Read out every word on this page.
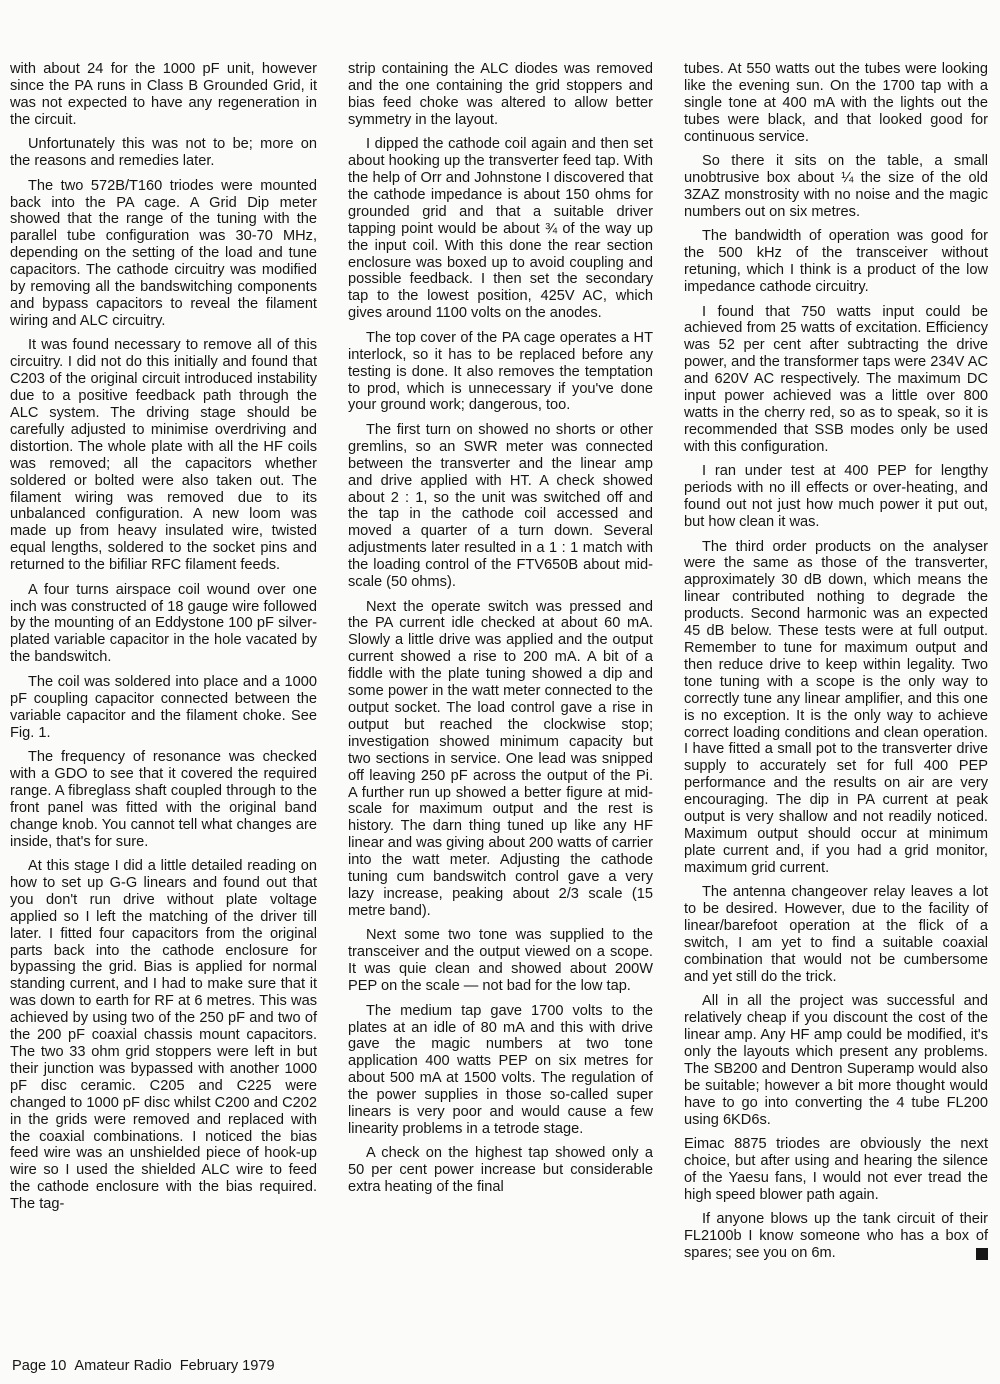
with about 24 for the 1000 pF unit, however since the PA runs in Class B Grounded Grid, it was not expected to have any regeneration in the circuit.

Unfortunately this was not to be; more on the reasons and remedies later.

The two 572B/T160 triodes were mounted back into the PA cage. A Grid Dip meter showed that the range of the tuning with the parallel tube configuration was 30-70 MHz, depending on the setting of the load and tune capacitors. The cathode circuitry was modified by removing all the bandswitching components and bypass capacitors to reveal the filament wiring and ALC circuitry.

It was found necessary to remove all of this circuitry. I did not do this initially and found that C203 of the original circuit introduced instability due to a positive feedback path through the ALC system. The driving stage should be carefully adjusted to minimise overdriving and distortion. The whole plate with all the HF coils was removed; all the capacitors whether soldered or bolted were also taken out. The filament wiring was removed due to its unbalanced configuration. A new loom was made up from heavy insulated wire, twisted equal lengths, soldered to the socket pins and returned to the bifiliar RFC filament feeds.

A four turns airspace coil wound over one inch was constructed of 18 gauge wire followed by the mounting of an Eddystone 100 pF silver-plated variable capacitor in the hole vacated by the bandswitch.

The coil was soldered into place and a 1000 pF coupling capacitor connected between the variable capacitor and the filament choke. See Fig. 1.

The frequency of resonance was checked with a GDO to see that it covered the required range. A fibreglass shaft coupled through to the front panel was fitted with the original band change knob. You cannot tell what changes are inside, that's for sure.

At this stage I did a little detailed reading on how to set up G-G linears and found out that you don't run drive without plate voltage applied so I left the matching of the driver till later. I fitted four capacitors from the original parts back into the cathode enclosure for bypassing the grid. Bias is applied for normal standing current, and I had to make sure that it was down to earth for RF at 6 metres. This was achieved by using two of the 250 pF and two of the 200 pF coaxial chassis mount capacitors. The two 33 ohm grid stoppers were left in but their junction was bypassed with another 1000 pF disc ceramic. C205 and C225 were changed to 1000 pF disc whilst C200 and C202 in the grids were removed and replaced with the coaxial combinations. I noticed the bias feed wire was an unshielded piece of hook-up wire so I used the shielded ALC wire to feed the cathode enclosure with the bias required. The tag-

strip containing the ALC diodes was removed and the one containing the grid stoppers and bias feed choke was altered to allow better symmetry in the layout.

I dipped the cathode coil again and then set about hooking up the transverter feed tap. With the help of Orr and Johnstone I discovered that the cathode impedance is about 150 ohms for grounded grid and that a suitable driver tapping point would be about ¾ of the way up the input coil. With this done the rear section enclosure was boxed up to avoid coupling and possible feedback. I then set the secondary tap to the lowest position, 425V AC, which gives around 1100 volts on the anodes.

The top cover of the PA cage operates a HT interlock, so it has to be replaced before any testing is done. It also removes the temptation to prod, which is unnecessary if you've done your ground work; dangerous, too.

The first turn on showed no shorts or other gremlins, so an SWR meter was connected between the transverter and the linear amp and drive applied with HT. A check showed about 2 : 1, so the unit was switched off and the tap in the cathode coil accessed and moved a quarter of a turn down. Several adjustments later resulted in a 1 : 1 match with the loading control of the FTV650B about mid-scale (50 ohms).

Next the operate switch was pressed and the PA current idle checked at about 60 mA. Slowly a little drive was applied and the output current showed a rise to 200 mA. A bit of a fiddle with the plate tuning showed a dip and some power in the watt meter connected to the output socket. The load control gave a rise in output but reached the clockwise stop; investigation showed minimum capacity but two sections in service. One lead was snipped off leaving 250 pF across the output of the Pi. A further run up showed a better figure at mid-scale for maximum output and the rest is history. The darn thing tuned up like any HF linear and was giving about 200 watts of carrier into the watt meter. Adjusting the cathode tuning cum bandswitch control gave a very lazy increase, peaking about 2/3 scale (15 metre band).

Next some two tone was supplied to the transceiver and the output viewed on a scope. It was quie clean and showed about 200W PEP on the scale — not bad for the low tap.

The medium tap gave 1700 volts to the plates at an idle of 80 mA and this with drive gave the magic numbers at two tone application 400 watts PEP on six metres for about 500 mA at 1500 volts. The regulation of the power supplies in those so-called super linears is very poor and would cause a few linearity problems in a tetrode stage.

A check on the highest tap showed only a 50 per cent power increase but considerable extra heating of the final

tubes. At 550 watts out the tubes were looking like the evening sun. On the 1700 tap with a single tone at 400 mA with the lights out the tubes were black, and that looked good for continuous service.

So there it sits on the table, a small unobtrusive box about ¼ the size of the old 3ZAZ monstrosity with no noise and the magic numbers out on six metres.

The bandwidth of operation was good for the 500 kHz of the transceiver without retuning, which I think is a product of the low impedance cathode circuitry.

I found that 750 watts input could be achieved from 25 watts of excitation. Efficiency was 52 per cent after subtracting the drive power, and the transformer taps were 234V AC and 620V AC respectively. The maximum DC input power achieved was a little over 800 watts in the cherry red, so as to speak, so it is recommended that SSB modes only be used with this configuration.

I ran under test at 400 PEP for lengthy periods with no ill effects or over-heating, and found out not just how much power it put out, but how clean it was.

The third order products on the analyser were the same as those of the transverter, approximately 30 dB down, which means the linear contributed nothing to degrade the products. Second harmonic was an expected 45 dB below. These tests were at full output. Remember to tune for maximum output and then reduce drive to keep within legality. Two tone tuning with a scope is the only way to correctly tune any linear amplifier, and this one is no exception. It is the only way to achieve correct loading conditions and clean operation. I have fitted a small pot to the transverter drive supply to accurately set for full 400 PEP performance and the results on air are very encouraging. The dip in PA current at peak output is very shallow and not readily noticed. Maximum output should occur at minimum plate current and, if you had a grid monitor, maximum grid current.

The antenna changeover relay leaves a lot to be desired. However, due to the facility of linear/barefoot operation at the flick of a switch, I am yet to find a suitable coaxial combination that would not be cumbersome and yet still do the trick.

All in all the project was successful and relatively cheap if you discount the cost of the linear amp. Any HF amp could be modified, it's only the layouts which present any problems. The SB200 and Dentron Superamp would also be suitable; however a bit more thought would have to go into converting the 4 tube FL200 using 6KD6s.

Eimac 8875 triodes are obviously the next choice, but after using and hearing the silence of the Yaesu fans, I would not ever tread the high speed blower path again.

If anyone blows up the tank circuit of their FL2100b I know someone who has a box of spares; see you on 6m.

Page 10 Amateur Radio February 1979
